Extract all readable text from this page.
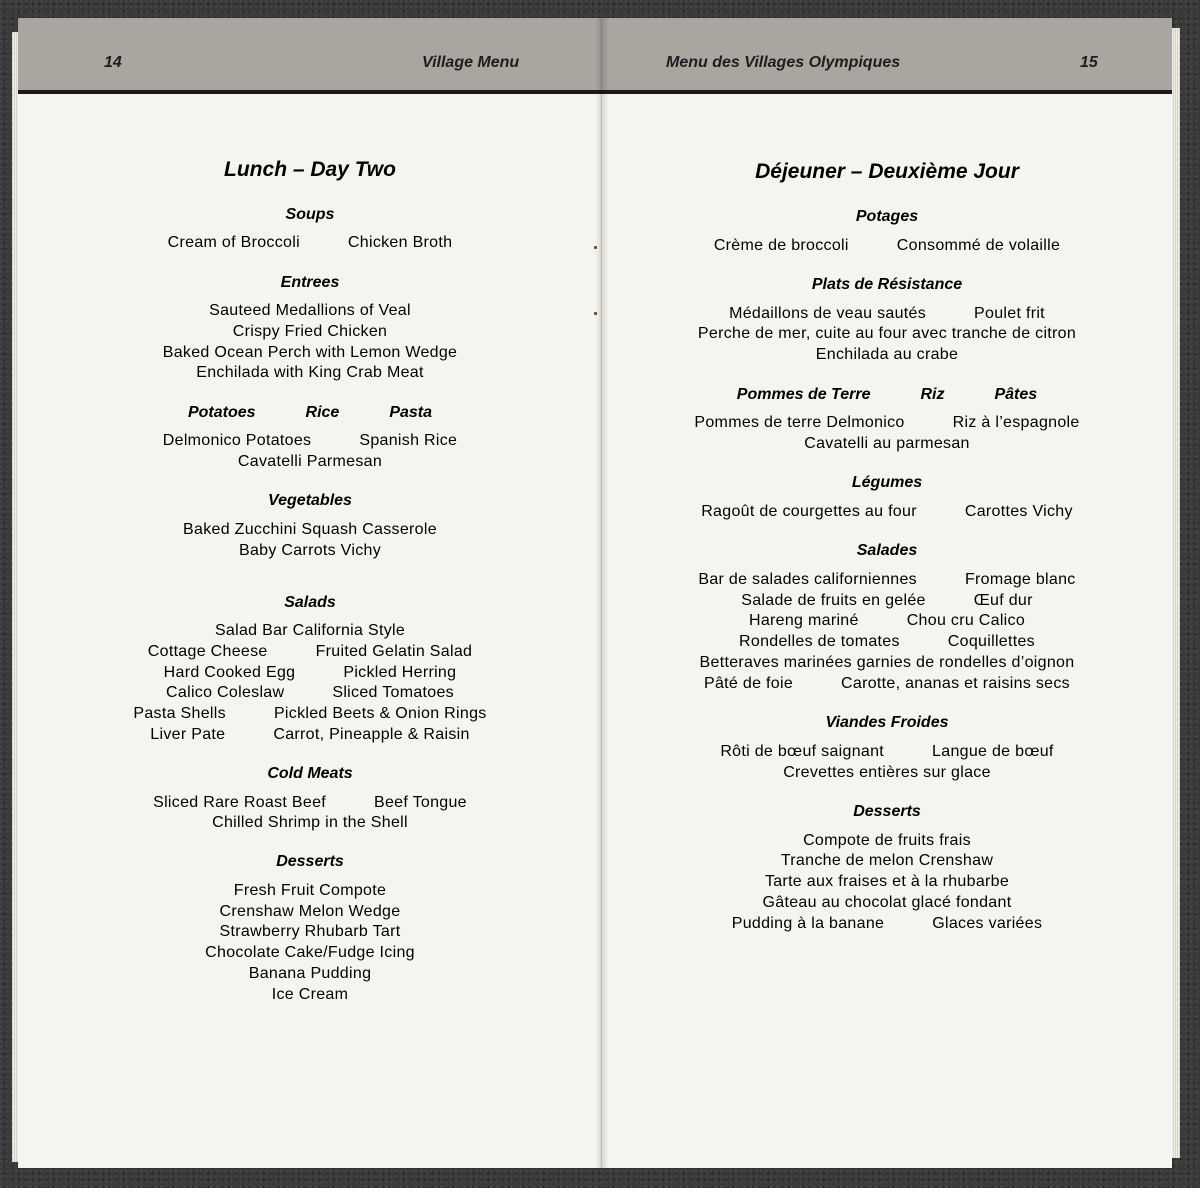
14	Village Menu
Lunch – Day Two
Soups
Cream of Broccoli	Chicken Broth
Entrees
Sauteed Medallions of Veal
Crispy Fried Chicken
Baked Ocean Perch with Lemon Wedge
Enchilada with King Crab Meat
Potatoes	Rice	Pasta
Delmonico Potatoes	Spanish Rice
Cavatelli Parmesan
Vegetables
Baked Zucchini Squash Casserole
Baby Carrots Vichy
Salads
Salad Bar California Style
Cottage Cheese	Fruited Gelatin Salad
Hard Cooked Egg	Pickled Herring
Calico Coleslaw	Sliced Tomatoes
Pasta Shells	Pickled Beets & Onion Rings
Liver Pate	Carrot, Pineapple & Raisin
Cold Meats
Sliced Rare Roast Beef	Beef Tongue
Chilled Shrimp in the Shell
Desserts
Fresh Fruit Compote
Crenshaw Melon Wedge
Strawberry Rhubarb Tart
Chocolate Cake/Fudge Icing
Banana Pudding
Ice Cream
Menu des Villages Olympiques	15
Déjeuner – Deuxième Jour
Potages
Crème de broccoli	Consommé de volaille
Plats de Résistance
Médaillons de veau sautés	Poulet frit
Perche de mer, cuite au four avec tranche de citron
Enchilada au crabe
Pommes de Terre	Riz	Pâtes
Pommes de terre Delmonico	Riz à l’espagnole
Cavatelli au parmesan
Légumes
Ragoût de courgettes au four	Carottes Vichy
Salades
Bar de salades californiennes	Fromage blanc
Salade de fruits en gelée	Œuf dur
Hareng mariné	Chou cru Calico
Rondelles de tomates	Coquillettes
Betteraves marinées garnies de rondelles d’oignon
Pâté de foie	Carotte, ananas et raisins secs
Viandes Froides
Rôti de bœuf saignant	Langue de bœuf
Crevettes entières sur glace
Desserts
Compote de fruits frais
Tranche de melon Crenshaw
Tarte aux fraises et à la rhubarbe
Gâteau au chocolat glacé fondant
Pudding à la banane	Glaces variées
